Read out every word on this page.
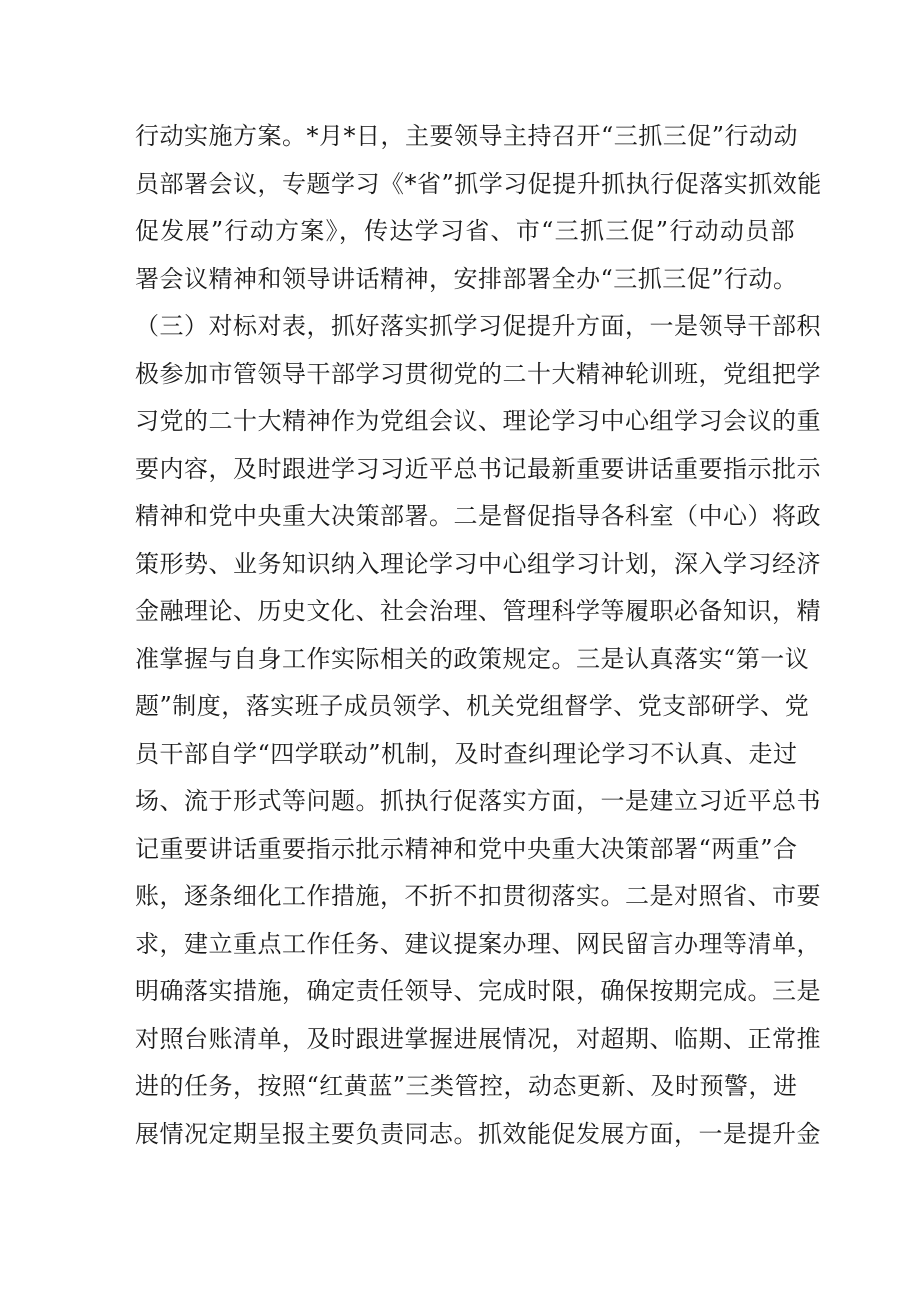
行动实施方案。*月*日，主要领导主持召开“三抓三促”行动动
员部署会议，专题学习《*省”抓学习促提升抓执行促落实抓效能
促发展”行动方案》，传达学习省、市“三抓三促”行动动员部
署会议精神和领导讲话精神，安排部署全办“三抓三促”行动。
（三）对标对表，抓好落实抓学习促提升方面，一是领导干部积
极参加市管领导干部学习贯彻党的二十大精神轮训班，党组把学
习党的二十大精神作为党组会议、理论学习中心组学习会议的重
要内容，及时跟进学习习近平总书记最新重要讲话重要指示批示
精神和党中央重大决策部署。二是督促指导各科室（中心）将政
策形势、业务知识纳入理论学习中心组学习计划，深入学习经济
金融理论、历史文化、社会治理、管理科学等履职必备知识，精
准掌握与自身工作实际相关的政策规定。三是认真落实“第一议
题”制度，落实班子成员领学、机关党组督学、党支部研学、党
员干部自学“四学联动”机制，及时查纠理论学习不认真、走过
场、流于形式等问题。抓执行促落实方面，一是建立习近平总书
记重要讲话重要指示批示精神和党中央重大决策部署“两重”合
账，逐条细化工作措施，不折不扣贯彻落实。二是对照省、市要
求，建立重点工作任务、建议提案办理、网民留言办理等清单，
明确落实措施，确定责任领导、完成时限，确保按期完成。三是
对照台账清单，及时跟进掌握进展情况，对超期、临期、正常推
进的任务，按照“红黄蓝”三类管控，动态更新、及时预警，进
展情况定期呈报主要负责同志。抓效能促发展方面，一是提升金
